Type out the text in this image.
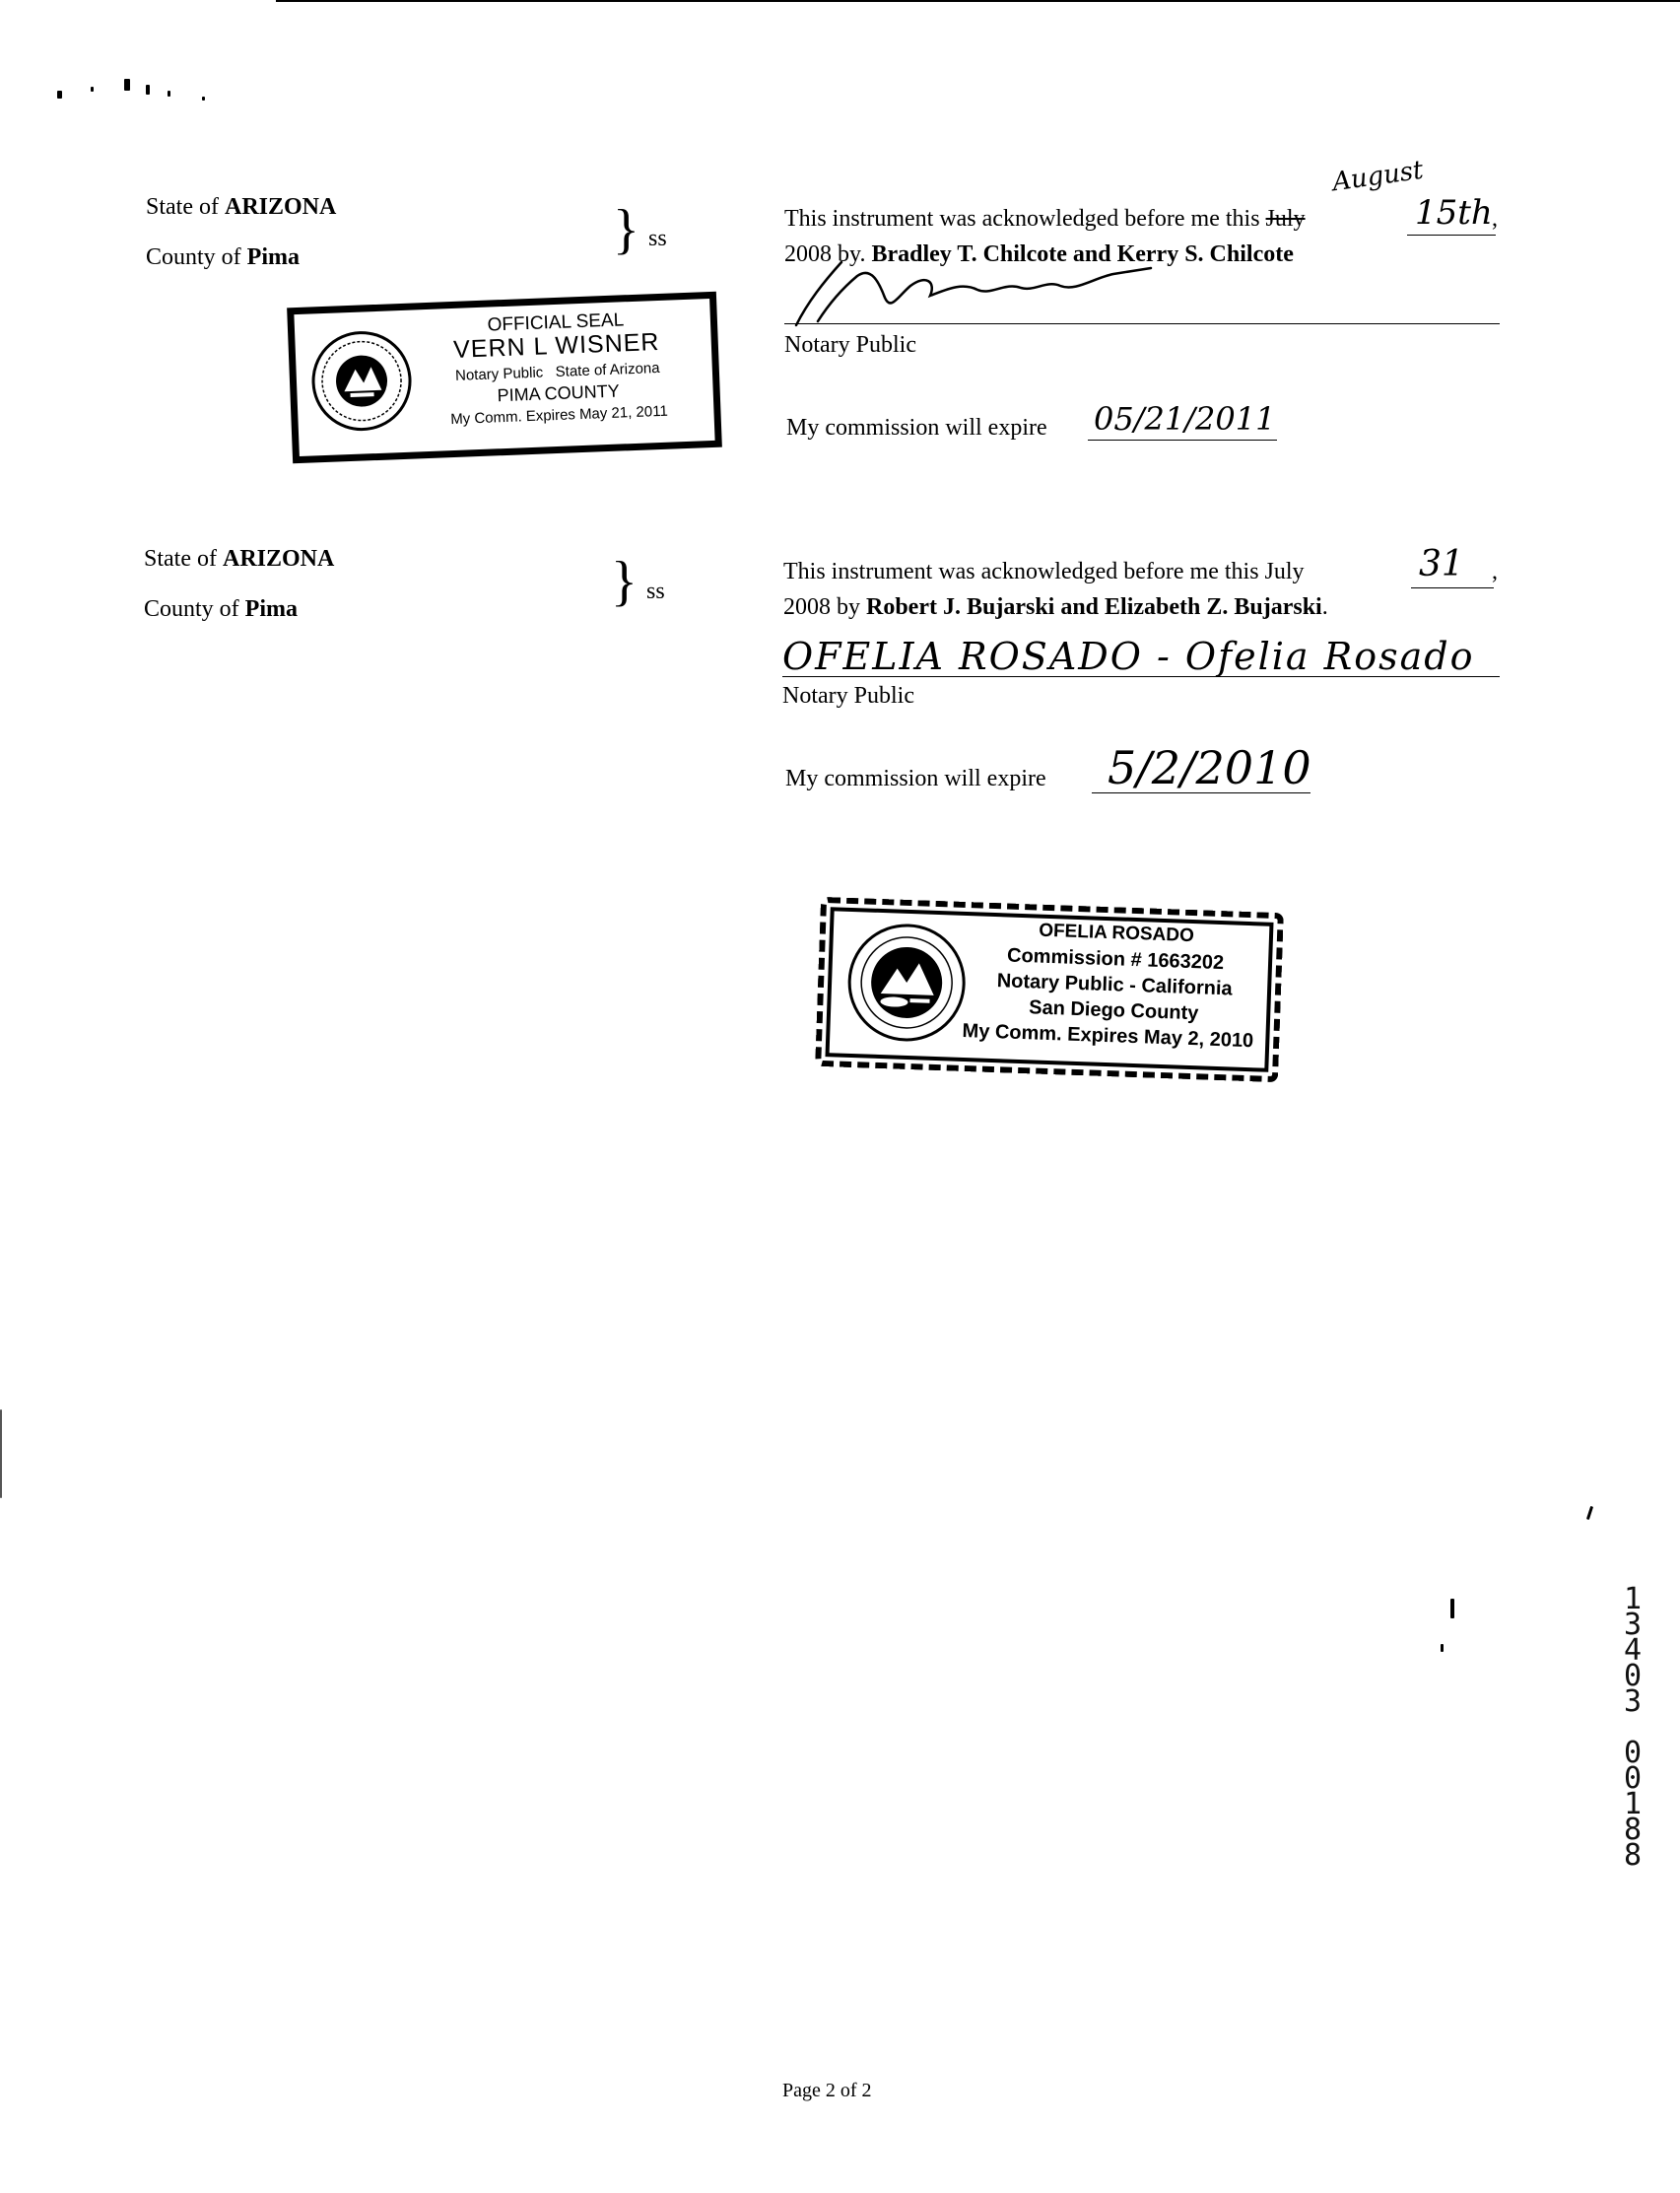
State of ARIZONA
County of Pima	} ss
OFFICIAL SEAL
VERN L WISNER
Notary Public State of Arizona
PIMA COUNTY
My Comm. Expires May 21, 2011
This instrument was acknowledged before me this July
August
15th ,
2008 by. Bradley T. Chilcote and Kerry S. Chilcote
Notary Public
My commission will expire 05/21/2011
State of ARIZONA
County of Pima	} ss
This instrument was acknowledged before me this July	31 ,
2008 by Robert J. Bujarski and Elizabeth Z. Bujarski.
OFELIA ROSADO - Ofelia Rosado
Notary Public
My commission will expire 5/2/2010
OFELIA ROSADO
Commission # 1663202
Notary Public - California
San Diego County
My Comm. Expires May 2, 2010
Page 2 of 2
1
3
4
0
3

0
0
1
8
8
